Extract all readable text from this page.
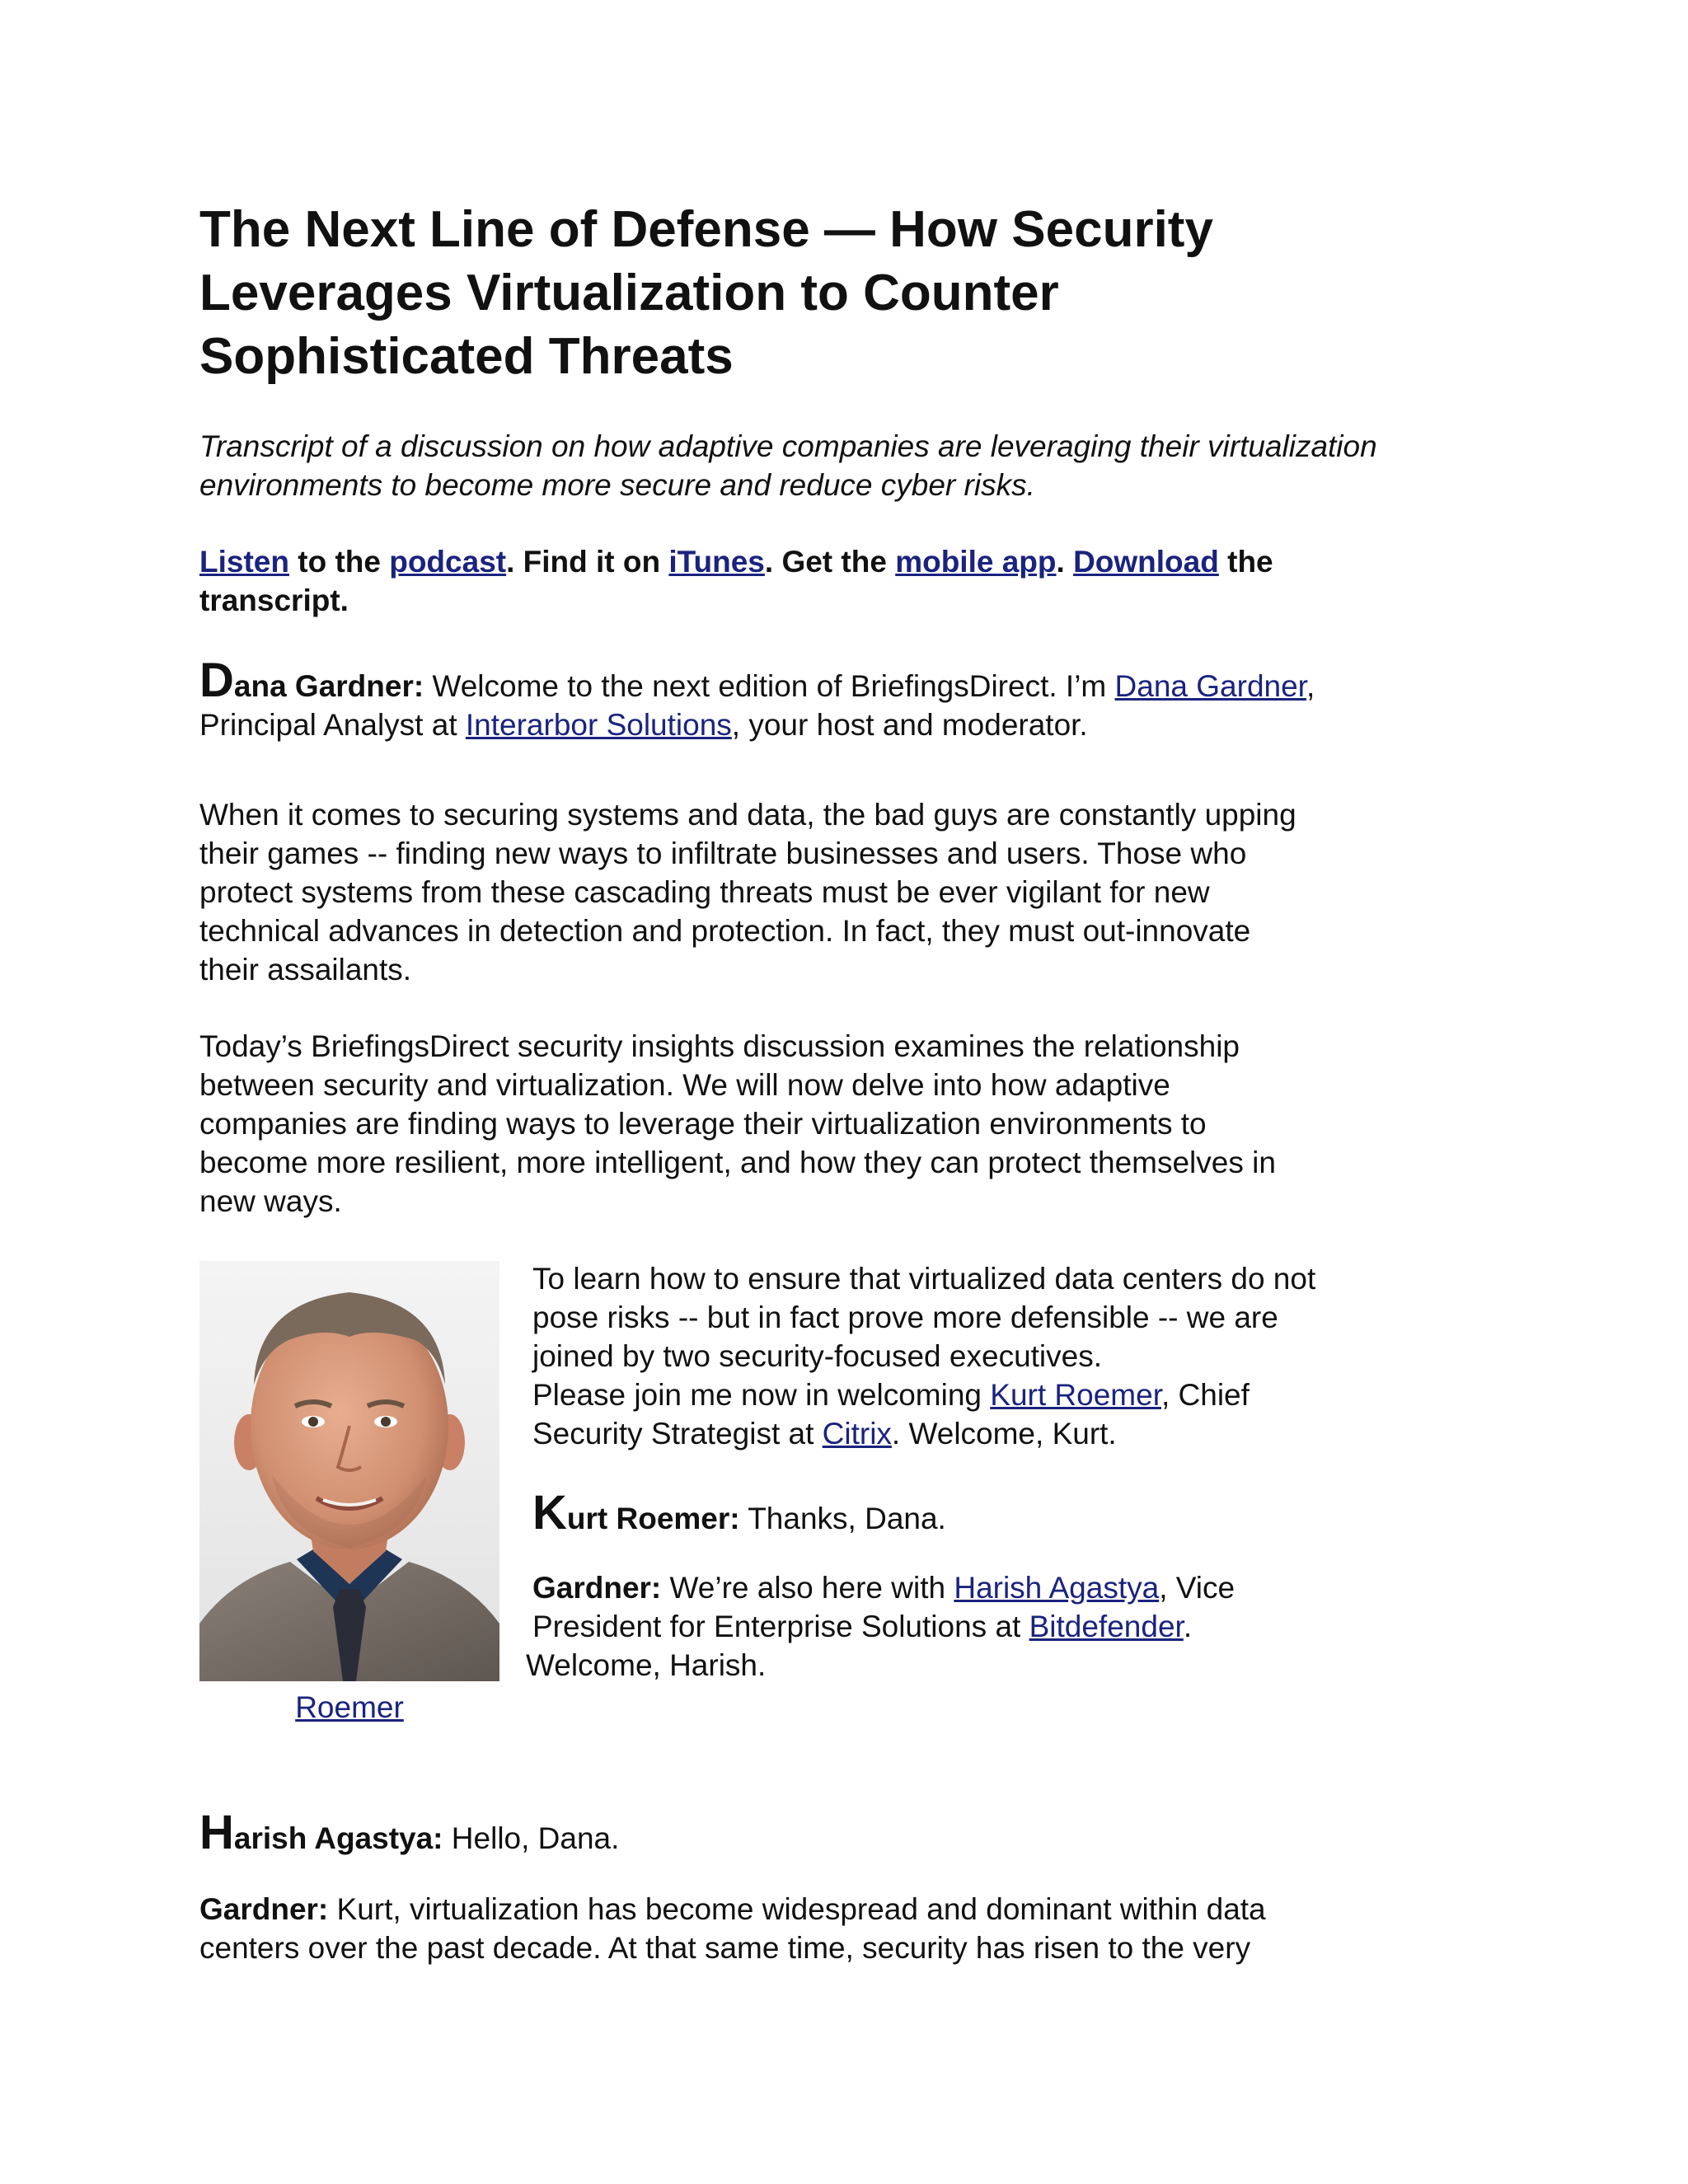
The Next Line of Defense — How Security
Leverages Virtualization to Counter
Sophisticated Threats

Transcript of a discussion on how adaptive companies are leveraging their virtualization
environments to become more secure and reduce cyber risks.

Listen to the podcast. Find it on iTunes. Get the mobile app. Download the
transcript.

Dana Gardner: Welcome to the next edition of BriefingsDirect. I’m Dana Gardner,
Principal Analyst at Interarbor Solutions, your host and moderator.

When it comes to securing systems and data, the bad guys are constantly upping
their games -- finding new ways to infiltrate businesses and users. Those who
protect systems from these cascading threats must be ever vigilant for new
technical advances in detection and protection. In fact, they must out-innovate
their assailants.

Today’s BriefingsDirect security insights discussion examines the relationship
between security and virtualization. We will now delve into how adaptive
companies are finding ways to leverage their virtualization environments to
become more resilient, more intelligent, and how they can protect themselves in
new ways.

Roemer

To learn how to ensure that virtualized data centers do not
pose risks -- but in fact prove more defensible -- we are
joined by two security-focused executives.

Please join me now in welcoming Kurt Roemer, Chief
Security Strategist at Citrix. Welcome, Kurt.

Kurt Roemer: Thanks, Dana.

Gardner: We’re also here with Harish Agastya, Vice
President for Enterprise Solutions at Bitdefender.
Welcome, Harish.

Harish Agastya: Hello, Dana.

Gardner: Kurt, virtualization has become widespread and dominant within data
centers over the past decade. At that same time, security has risen to the very
